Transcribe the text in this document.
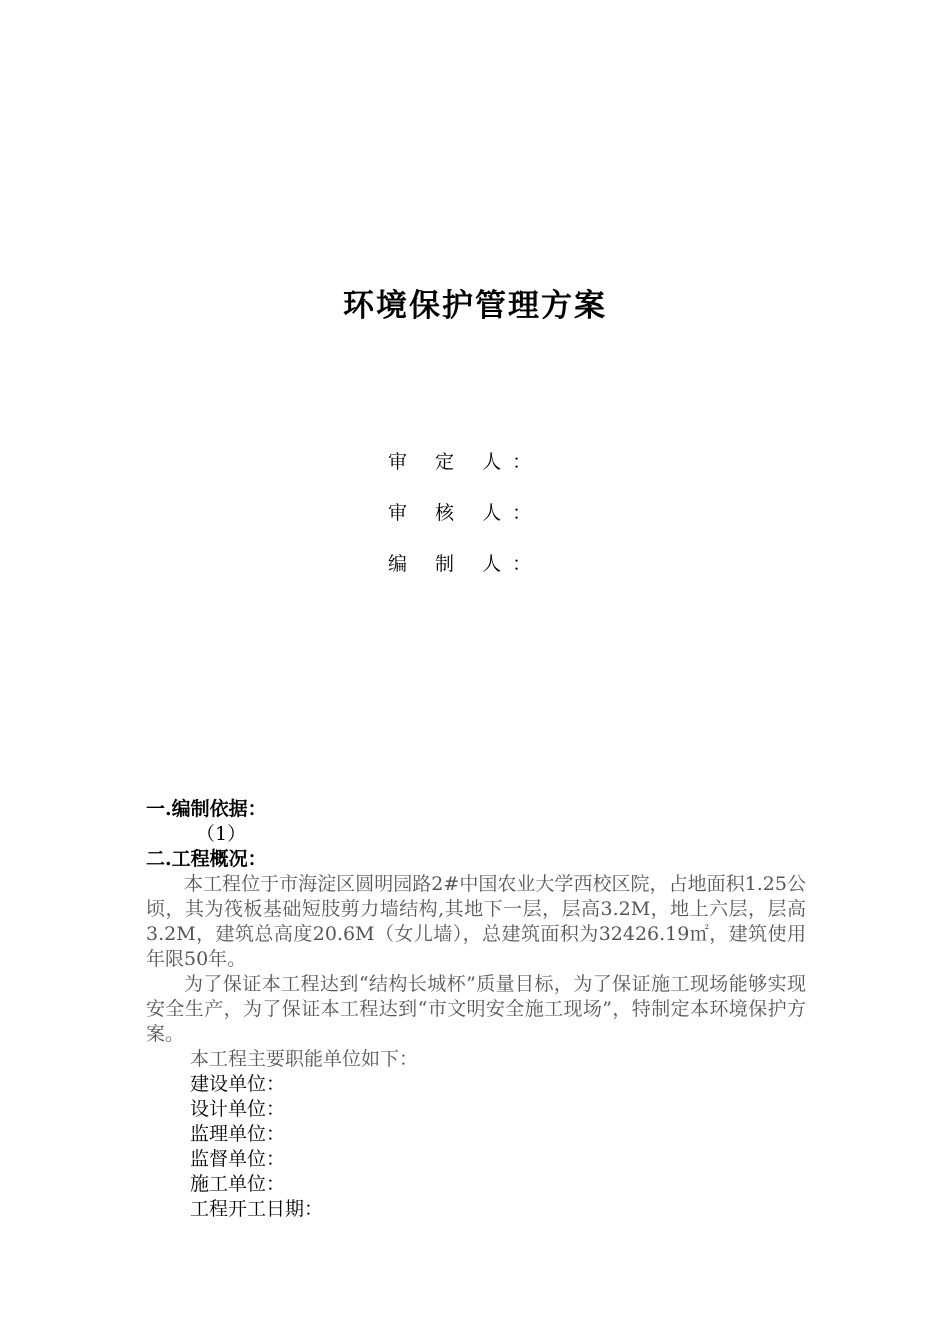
环境保护管理方案
审 定 人：
审 核 人：
编 制 人：
一.编制依据：
（1）
二.工程概况：

本工程位于市海淀区圆明园路2#中国农业大学西校区院，占地面积1.25公顷，其为筏板基础短肢剪力墙结构,其地下一层，层高3.2M，地上六层，层高3.2M，建筑总高度20.6M（女儿墙），总建筑面积为32426.19㎡，建筑使用年限50年。

为了保证本工程达到“结构长城杯”质量目标，为了保证施工现场能够实现安全生产，为了保证本工程达到“市文明安全施工现场”，特制定本环境保护方案。

本工程主要职能单位如下：

建设单位：

设计单位：

监理单位：

监督单位：

施工单位：

工程开工日期：
